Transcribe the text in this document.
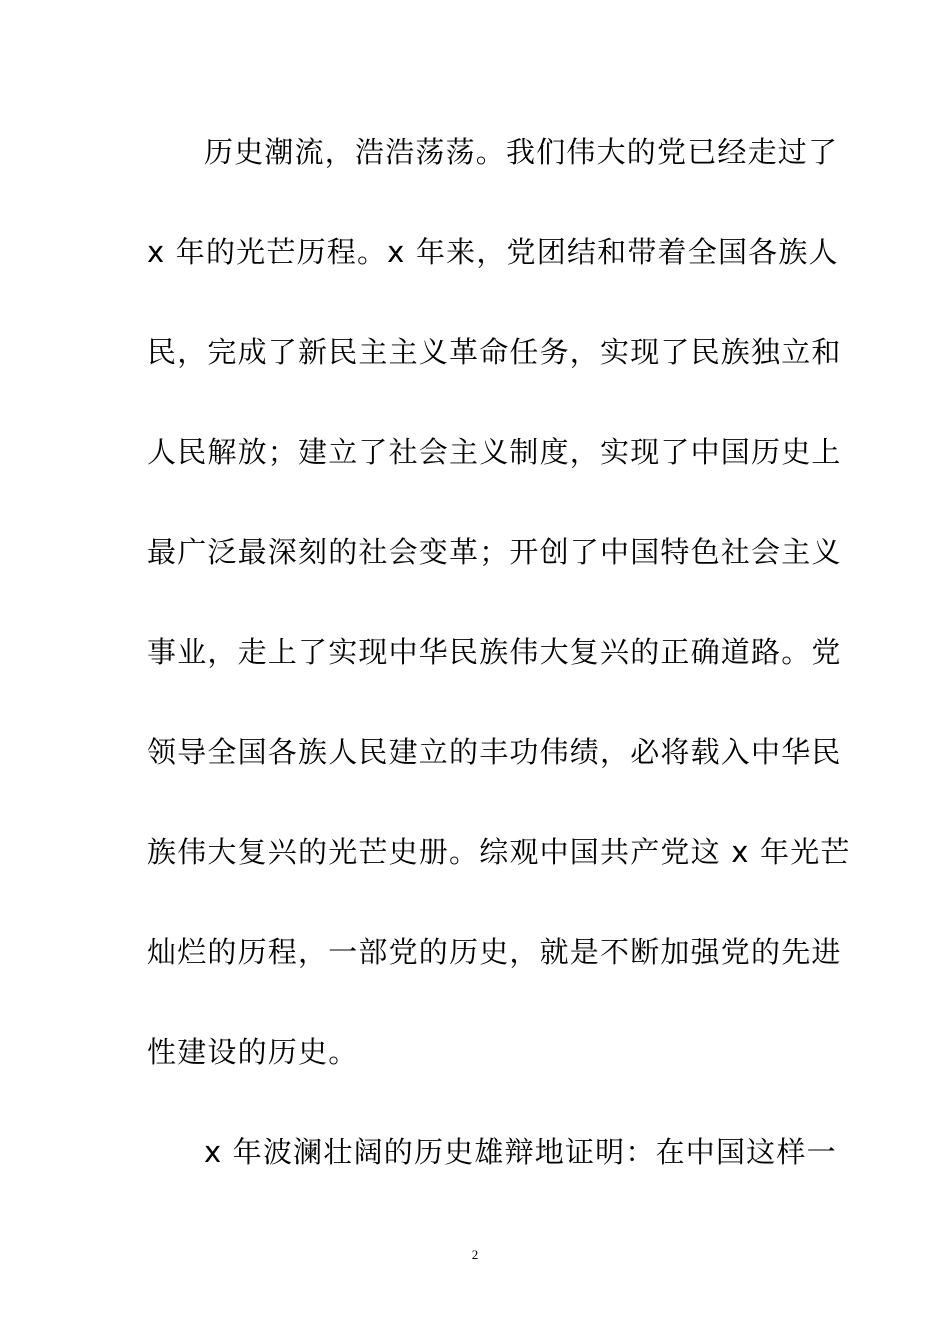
历史潮流，浩浩荡荡。我们伟大的党已经走过了
x 年的光芒历程。x 年来，党团结和带着全国各族人
民，完成了新民主主义革命任务，实现了民族独立和
人民解放；建立了社会主义制度，实现了中国历史上
最广泛最深刻的社会变革；开创了中国特色社会主义
事业，走上了实现中华民族伟大复兴的正确道路。党
领导全国各族人民建立的丰功伟绩，必将载入中华民
族伟大复兴的光芒史册。综观中国共产党这 x 年光芒
灿烂的历程，一部党的历史，就是不断加强党的先进
性建设的历史。
x 年波澜壮阔的历史雄辩地证明：在中国这样一
2
